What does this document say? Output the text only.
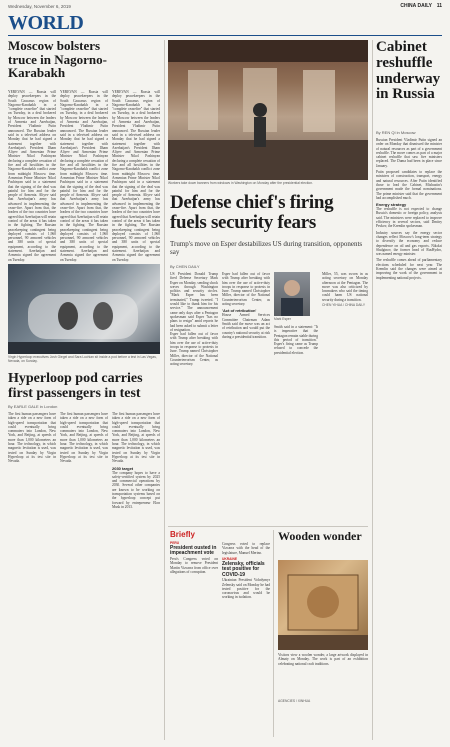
Wednesday, November 6, 2019	CHINA DAILY 11
WORLD
Moscow bolsters truce in Nagorno-Karabakh
YEREVAN — Russia will deploy peacekeepers in the South Caucasus region of Nagorno-Karabakh in a "complete ceasefire" that started on Tuesday, in a deal brokered by Moscow between the leaders of Armenia and Azerbaijan, President Vladimir Putin announced. The Russian leader said in a televised address on Monday that he had signed a statement together with Azerbaijan's President Ilham Aliyev and Armenian Prime Minister Nikol Pashinyan declaring a complete cessation of fire and all hostilities in the Nagorno-Karabakh conflict zone from midnight Moscow time. Armenian Prime Minister Nikol Pashinyan said in a statement that the signing of the deal was painful for him and for the people of Armenia. Aliyev said that Azerbaijan's army has advanced in implementing the cease-fire. Apart from that, the leaders of the two countries have agreed that Azerbaijan will retain control of the areas it has taken in the fighting. The Russian peacekeeping contingent being deployed consists of 1,960 personnel, 90 armored vehicles and 380 units of special equipment, according to the statement. Azerbaijan and Armenia signed the agreement on Tuesday.
YEREVAN — Russia will deploy peacekeepers in the South Caucasus region of Nagorno-Karabakh in a "complete ceasefire" that started on Tuesday, in a deal brokered by Moscow between the leaders of Armenia and Azerbaijan, President Vladimir Putin announced. The Russian leader said in a televised address on Monday that he had signed a statement together with Azerbaijan's President Ilham Aliyev and Armenian Prime Minister Nikol Pashinyan declaring a complete cessation of fire and all hostilities in the Nagorno-Karabakh conflict zone from midnight Moscow time. Armenian Prime Minister Nikol Pashinyan said in a statement that the signing of the deal was painful for him and for the people of Armenia. Aliyev said that Azerbaijan's army has advanced in implementing the cease-fire. Apart from that, the leaders of the two countries have agreed that Azerbaijan will retain control of the areas it has taken in the fighting. The Russian peacekeeping contingent being deployed consists of 1,960 personnel, 90 armored vehicles and 380 units of special equipment, according to the statement. Azerbaijan and Armenia signed the agreement on Tuesday.
YEREVAN — Russia will deploy peacekeepers in the South Caucasus region of Nagorno-Karabakh in a "complete ceasefire" that started on Tuesday, in a deal brokered by Moscow between the leaders of Armenia and Azerbaijan, President Vladimir Putin announced. The Russian leader said in a televised address on Monday that he had signed a statement together with Azerbaijan's President Ilham Aliyev and Armenian Prime Minister Nikol Pashinyan declaring a complete cessation of fire and all hostilities in the Nagorno-Karabakh conflict zone from midnight Moscow time. Armenian Prime Minister Nikol Pashinyan said in a statement that the signing of the deal was painful for him and for the people of Armenia. Aliyev said that Azerbaijan's army has advanced in implementing the cease-fire. Apart from that, the leaders of the two countries have agreed that Azerbaijan will retain control of the areas it has taken in the fighting. The Russian peacekeeping contingent being deployed consists of 1,960 personnel, 90 armored vehicles and 380 units of special equipment, according to the statement. Azerbaijan and Armenia signed the agreement on Tuesday.
Virgin Hyperloop executives Josh Giegel and Sara Luchian sit inside a pod before a test in Las Vegas, Nevada, on Sunday.
Hyperloop pod carries first passengers in test
By EARLE GALE in London
The first human passengers have taken a ride on a new form of high-speed transportation that could eventually bring commuters into London, New York, and Beijing, at speeds of more than 1,000 kilometers an hour. The technology, in which magnetic levitation is used, was tested on Sunday by Virgin Hyperloop at its test site in Nevada.
The first human passengers have taken a ride on a new form of high-speed transportation that could eventually bring commuters into London, New York, and Beijing, at speeds of more than 1,000 kilometers an hour. The technology, in which magnetic levitation is used, was tested on Sunday by Virgin Hyperloop at its test site in Nevada.
The first human passengers have taken a ride on a new form of high-speed transportation that could eventually bring commuters into London, New York, and Beijing, at speeds of more than 1,000 kilometers an hour. The technology, in which magnetic levitation is used, was tested on Sunday by Virgin Hyperloop at its test site in Nevada.
2030 target
The company hopes to have a safety-certified system by 2025 and commercial operations by 2030. Several other companies are known to be working on transportation systems based on the hyperloop concept put forward by entrepreneur Elon Musk in 2013.
Workers take down banners from windows in Washington on Monday after the presidential election.
Defense chief's firing fuels security fears
Trump's move on Esper destabilizes US during transition, opponents say
By CHEN DAILY
US President Donald Trump fired Defense Secretary Mark Esper on Monday, sending shock waves through Washington politics and security circles. "Mark Esper has been terminated," Trump tweeted. "I would like to thank him for his service." The announcement came only days after a Pentagon spokesman said Esper "has no plans to resign" amid reports he had been asked to submit a letter of resignation.
Esper had fallen out of favor with Trump after breaking with him over the use of active-duty troops in response to protests in June. Trump named Christopher Miller, director of the National Counterterrorism Center, as acting secretary.
Esper had fallen out of favor with Trump after breaking with him over the use of active-duty troops in response to protests in June. Trump named Christopher Miller, director of the National Counterterrorism Center, as acting secretary.
'Act of retribution'
House Armed Services Committee Chairman Adam Smith said the move was an act of retribution and would put the country's national security at risk during a presidential transition.
Mark Esper
Smith said in a statement: "It is imperative that the Pentagon remain stable during this period of transition." Esper's firing came as Trump refused to concede the presidential election.
Miller, 55, was sworn in as acting secretary on Monday afternoon at the Pentagon. The move was also criticized by lawmakers who said the timing could harm US national security during a transition.
CHEN YIHUA / CHINA DAILY
Briefly
PERU
President ousted in impeachment vote
Peru's Congress voted on Monday to remove President Martin Vizcarra from office over allegations of corruption.
Congress voted to replace Vizcarra with the head of the legislature, Manuel Merino.
UKRAINE
Zelensky, officials test positive for COVID-19
Ukrainian President Volodymyr Zelensky said on Monday he had tested positive for the coronavirus and would be working in isolation.
Wooden wonder
Visitors view a woolen wonder, a large artwork displayed in Almaty on Monday. The work is part of an exhibition celebrating national craft traditions.
AGENCIES / XINHUA
Cabinet reshuffle underway in Russia
By REN QI in Moscow
Russian President Vladimir Putin signed an order on Monday that dismissed the minister of natural resources as part of a government reshuffle. The move comes as part of a major cabinet reshuffle that saw five ministers replaced. The Duma had been in place since January.
Putin proposed candidates to replace the ministers of construction, transport, energy and natural resources. After Putin identified those to lead the Cabinet, Mishustin's government made the formal nominations. The prime minister said that the government had accomplished much.
Energy strategy
The reshuffle is not expected to change Russia's domestic or foreign policy, analysts said. The ministers were replaced to improve efficiency in several sectors, said Dmitry Peskov, the Kremlin spokesman.
Industry sources say the energy sector changes reflect Moscow's long-term strategy to diversify the economy and reduce dependence on oil and gas exports. Nikolai Shulginov, the former head of RusHydro, was named energy minister.
The reshuffle comes ahead of parliamentary elections scheduled for next year. The Kremlin said the changes were aimed at improving the work of the government in implementing national projects.
